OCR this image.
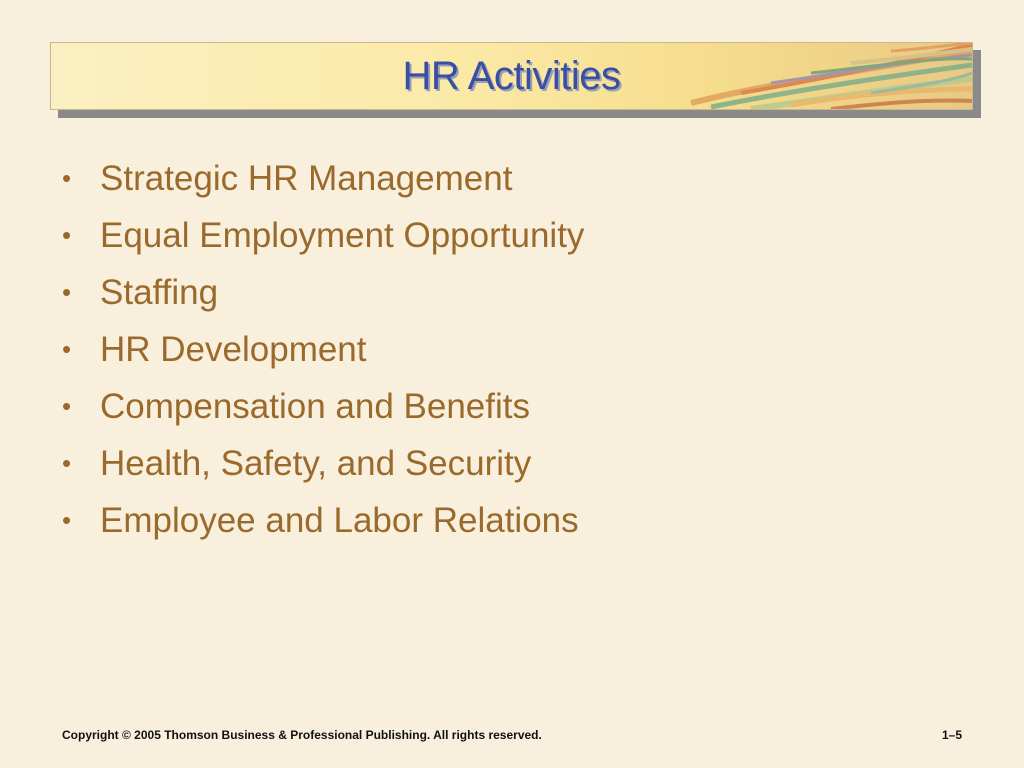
HR Activities
• Strategic HR Management
• Equal Employment Opportunity
• Staffing
• HR Development
• Compensation and Benefits
• Health, Safety, and Security
• Employee and Labor Relations
Copyright © 2005 Thomson Business & Professional Publishing. All rights reserved.	1–5
